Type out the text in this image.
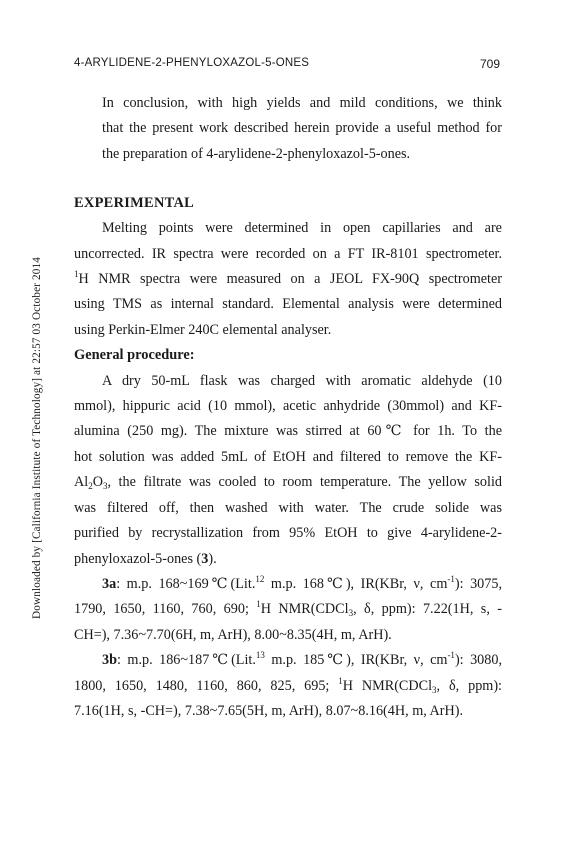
4-ARYLIDENE-2-PHENYLOXAZOL-5-ONES	709
Downloaded by [California Institute of Technology] at 22:57 03 October 2014

In conclusion, with high yields and mild conditions, we think
that the present work described herein provide a useful method for
the preparation of 4-arylidene-2-phenyloxazol-5-ones.

EXPERIMENTAL

Melting points were determined in open capillaries and are
uncorrected. IR spectra were recorded on a FT IR-8101 spectrometer.
$^1$H NMR spectra were measured on a JEOL FX-90Q spectrometer
using TMS as internal standard. Elemental analysis were determined
using Perkin-Elmer 240C elemental analyser.

General procedure:

A dry 50-mL flask was charged with aromatic aldehyde (10
mmol), hippuric acid (10 mmol), acetic anhydride (30mmol) and KF-
alumina (250 mg). The mixture was stirred at 60℃ for 1h. To the
hot solution was added 5mL of EtOH and filtered to remove the KF-
$Al_2O_3$, the filtrate was cooled to room temperature. The yellow solid
was filtered off, then washed with water. The crude solide was
purified by recrystallization from 95% EtOH to give 4-arylidene-2-
phenyloxazol-5-ones (3).

3a: m.p. 168~169℃(Lit.$^{12}$ m.p. 168℃), IR(KBr, ν, $cm^{-1}$): 3075,
1790, 1650, 1160, 760, 690; $^1$H NMR(CDCl$_3$, δ, ppm): 7.22(1H, s, -
CH=), 7.36~7.70(6H, m, ArH), 8.00~8.35(4H, m, ArH).

3b: m.p. 186~187℃(Lit.$^{13}$ m.p. 185℃), IR(KBr, ν, $cm^{-1}$): 3080,
1800, 1650, 1480, 1160, 860, 825, 695; $^1$H NMR(CDCl$_3$, δ, ppm):
7.16(1H, s, -CH=), 7.38~7.65(5H, m, ArH), 8.07~8.16(4H, m, ArH).
